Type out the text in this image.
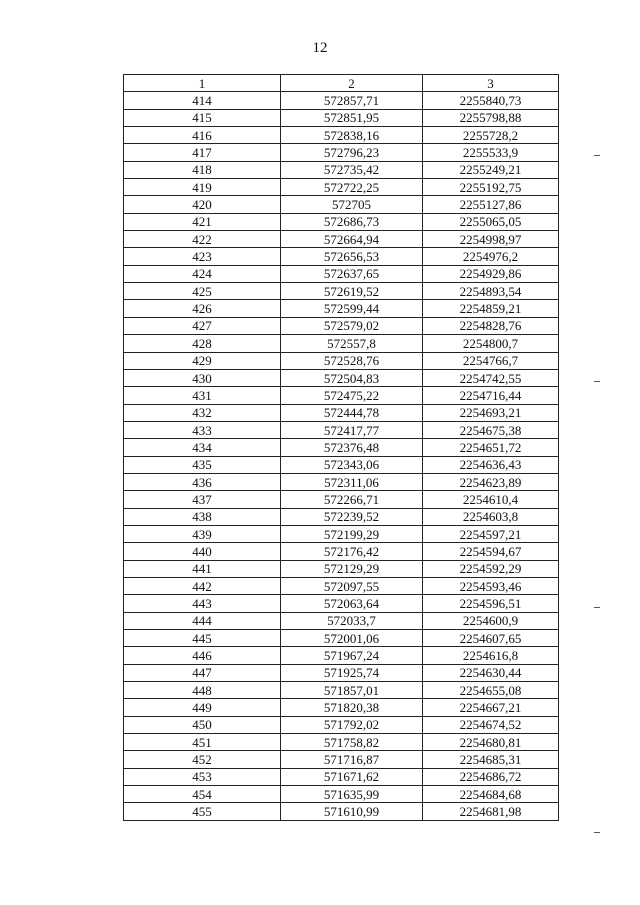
12
1	2	3
414	572857,71	2255840,73
415	572851,95	2255798,88
416	572838,16	2255728,2
417	572796,23	2255533,9
418	572735,42	2255249,21
419	572722,25	2255192,75
420	572705	2255127,86
421	572686,73	2255065,05
422	572664,94	2254998,97
423	572656,53	2254976,2
424	572637,65	2254929,86
425	572619,52	2254893,54
426	572599,44	2254859,21
427	572579,02	2254828,76
428	572557,8	2254800,7
429	572528,76	2254766,7
430	572504,83	2254742,55
431	572475,22	2254716,44
432	572444,78	2254693,21
433	572417,77	2254675,38
434	572376,48	2254651,72
435	572343,06	2254636,43
436	572311,06	2254623,89
437	572266,71	2254610,4
438	572239,52	2254603,8
439	572199,29	2254597,21
440	572176,42	2254594,67
441	572129,29	2254592,29
442	572097,55	2254593,46
443	572063,64	2254596,51
444	572033,7	2254600,9
445	572001,06	2254607,65
446	571967,24	2254616,8
447	571925,74	2254630,44
448	571857,01	2254655,08
449	571820,38	2254667,21
450	571792,02	2254674,52
451	571758,82	2254680,81
452	571716,87	2254685,31
453	571671,62	2254686,72
454	571635,99	2254684,68
455	571610,99	2254681,98
